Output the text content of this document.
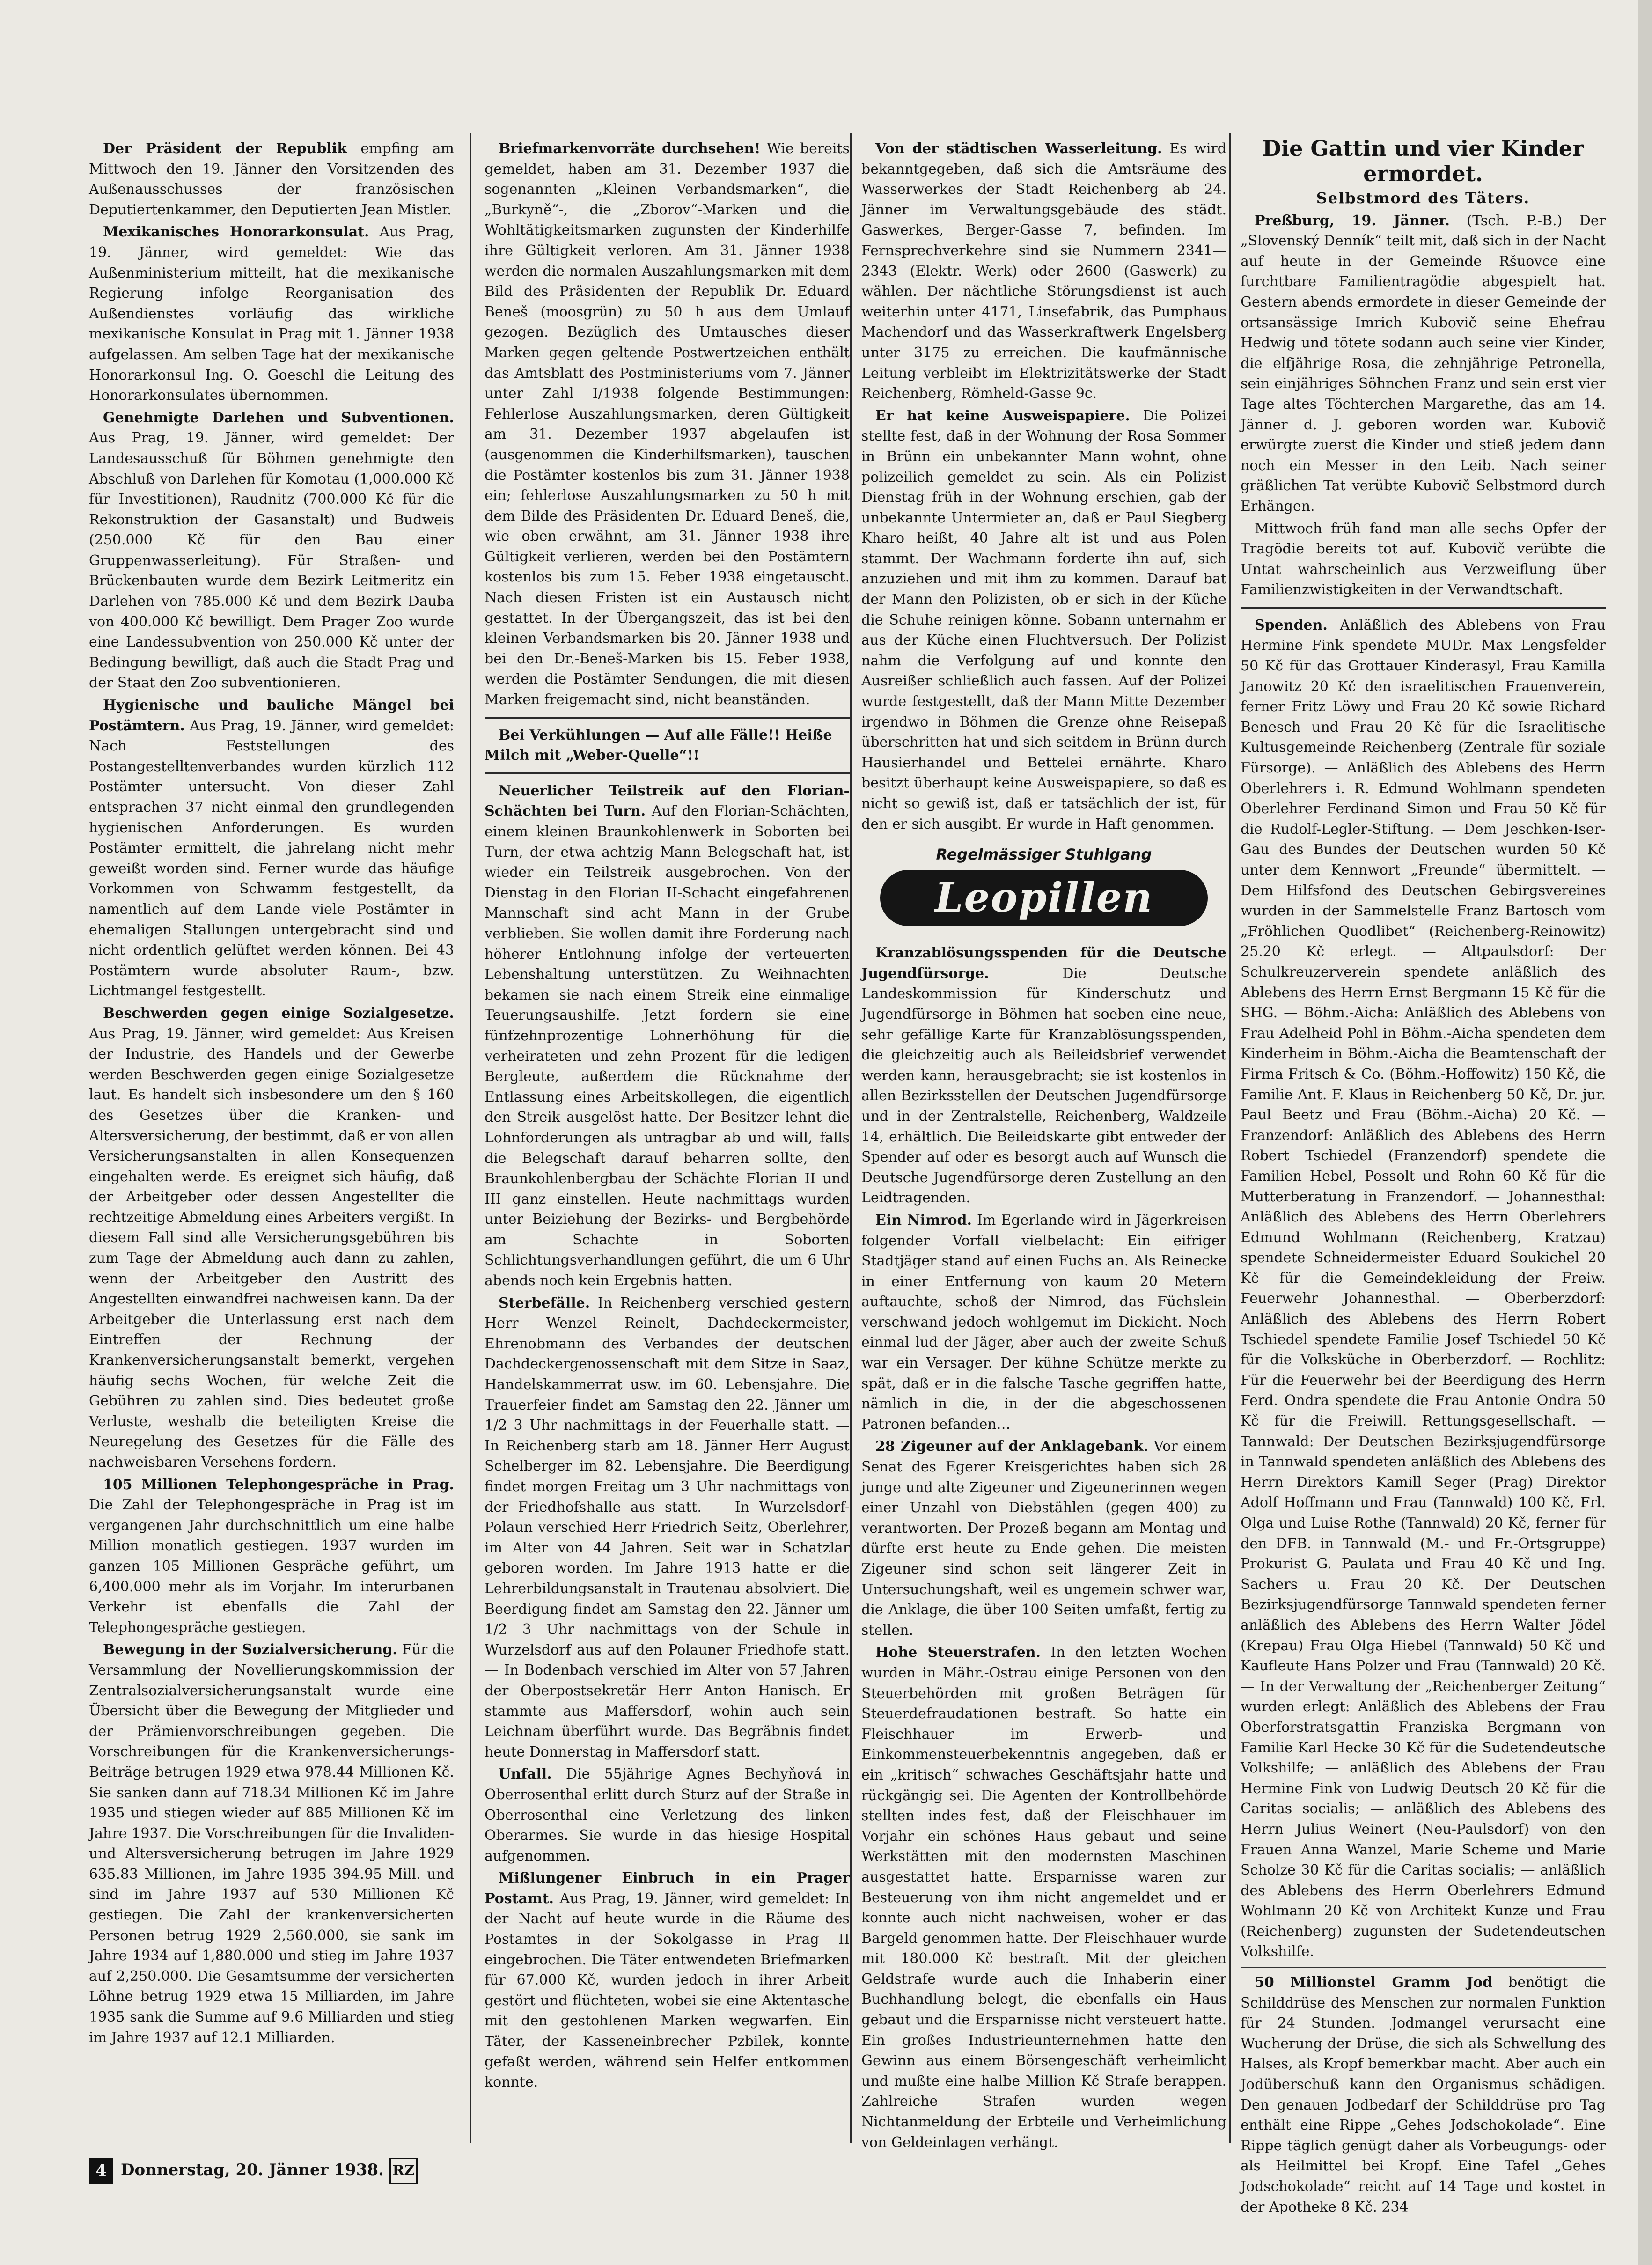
Der Präsident der Republik empfing am Mittwoch den 19. Jänner den Vorsitzenden des Außenausschusses der französischen Deputiertenkammer, den Deputierten Jean Mistler.

Mexikanisches Honorarkonsulat. Aus Prag, 19. Jänner, wird gemeldet: Wie das Außenministerium mitteilt, hat die mexikanische Regierung infolge Reorganisation des Außendienstes vorläufig das wirkliche mexikanische Konsulat in Prag mit 1. Jänner 1938 aufgelassen. Am selben Tage hat der mexikanische Honorarkonsul Ing. O. Goeschl die Leitung des Honorarkonsulates übernommen.

Genehmigte Darlehen und Subventionen. Aus Prag, 19. Jänner, wird gemeldet: Der Landesausschuß für Böhmen genehmigte den Abschluß von Darlehen für Komotau (1,000.000 Kč für Investitionen), Raudnitz (700.000 Kč für die Rekonstruktion der Gasanstalt) und Budweis (250.000 Kč für den Bau einer Gruppenwasserleitung). Für Straßen- und Brückenbauten wurde dem Bezirk Leitmeritz ein Darlehen von 785.000 Kč und dem Bezirk Dauba von 400.000 Kč bewilligt. Dem Prager Zoo wurde eine Landessubvention von 250.000 Kč unter der Bedingung bewilligt, daß auch die Stadt Prag und der Staat den Zoo subventionieren.

Hygienische und bauliche Mängel bei Postämtern. Aus Prag, 19. Jänner, wird gemeldet: Nach Feststellungen des Postangestelltenverbandes wurden kürzlich 112 Postämter untersucht. Von dieser Zahl entsprachen 37 nicht einmal den grundlegenden hygienischen Anforderungen. Es wurden Postämter ermittelt, die jahrelang nicht mehr geweißt worden sind. Ferner wurde das häufige Vorkommen von Schwamm festgestellt, da namentlich auf dem Lande viele Postämter in ehemaligen Stallungen untergebracht sind und nicht ordentlich gelüftet werden können. Bei 43 Postämtern wurde absoluter Raum-, bzw. Lichtmangel festgestellt.

Beschwerden gegen einige Sozialgesetze. Aus Prag, 19. Jänner, wird gemeldet: Aus Kreisen der Industrie, des Handels und der Gewerbe werden Beschwerden gegen einige Sozialgesetze laut. Es handelt sich insbesondere um den § 160 des Gesetzes über die Kranken- und Altersversicherung, der bestimmt, daß er von allen Versicherungsanstalten in allen Konsequenzen eingehalten werde. Es ereignet sich häufig, daß der Arbeitgeber oder dessen Angestellter die rechtzeitige Abmeldung eines Arbeiters vergißt. In diesem Fall sind alle Versicherungsgebühren bis zum Tage der Abmeldung auch dann zu zahlen, wenn der Arbeitgeber den Austritt des Angestellten einwandfrei nachweisen kann. Da der Arbeitgeber die Unterlassung erst nach dem Eintreffen der Rechnung der Krankenversicherungsanstalt bemerkt, vergehen häufig sechs Wochen, für welche Zeit die Gebühren zu zahlen sind. Dies bedeutet große Verluste, weshalb die beteiligten Kreise die Neuregelung des Gesetzes für die Fälle des nachweisbaren Versehens fordern.

105 Millionen Telephongespräche in Prag. Die Zahl der Telephongespräche in Prag ist im vergangenen Jahr durchschnittlich um eine halbe Million monatlich gestiegen. 1937 wurden im ganzen 105 Millionen Gespräche geführt, um 6,400.000 mehr als im Vorjahr. Im interurbanen Verkehr ist ebenfalls die Zahl der Telephongespräche gestiegen.

Bewegung in der Sozialversicherung. Für die Versammlung der Novellierungskommission der Zentralsozialversicherungsanstalt wurde eine Übersicht über die Bewegung der Mitglieder und der Prämienvorschreibungen gegeben. Die Vorschreibungen für die Krankenversicherungs-Beiträge betrugen 1929 etwa 978.44 Millionen Kč. Sie sanken dann auf 718.34 Millionen Kč im Jahre 1935 und stiegen wieder auf 885 Millionen Kč im Jahre 1937. Die Vorschreibungen für die Invaliden- und Altersversicherung betrugen im Jahre 1929 635.83 Millionen, im Jahre 1935 394.95 Mill. und sind im Jahre 1937 auf 530 Millionen Kč gestiegen. Die Zahl der krankenversicherten Personen betrug 1929 2,560.000, sie sank im Jahre 1934 auf 1,880.000 und stieg im Jahre 1937 auf 2,250.000. Die Gesamtsumme der versicherten Löhne betrug 1929 etwa 15 Milliarden, im Jahre 1935 sank die Summe auf 9.6 Milliarden und stieg im Jahre 1937 auf 12.1 Milliarden.

Briefmarkenvorräte durchsehen! Wie bereits gemeldet, haben am 31. Dezember 1937 die sogenannten „Kleinen Verbandsmarken“, die „Burkyně“-, die „Zborov“-Marken und die Wohltätigkeitsmarken zugunsten der Kinderhilfe ihre Gültigkeit verloren. Am 31. Jänner 1938 werden die normalen Auszahlungsmarken mit dem Bild des Präsidenten der Republik Dr. Eduard Beneš (moosgrün) zu 50 h aus dem Umlauf gezogen. Bezüglich des Umtausches dieser Marken gegen geltende Postwertzeichen enthält das Amtsblatt des Postministeriums vom 7. Jänner unter Zahl I/1938 folgende Bestimmungen: Fehlerlose Auszahlungsmarken, deren Gültigkeit am 31. Dezember 1937 abgelaufen ist (ausgenommen die Kinderhilfsmarken), tauschen die Postämter kostenlos bis zum 31. Jänner 1938 ein; fehlerlose Auszahlungsmarken zu 50 h mit dem Bilde des Präsidenten Dr. Eduard Beneš, die, wie oben erwähnt, am 31. Jänner 1938 ihre Gültigkeit verlieren, werden bei den Postämtern kostenlos bis zum 15. Feber 1938 eingetauscht. Nach diesen Fristen ist ein Austausch nicht gestattet. In der Übergangszeit, das ist bei den kleinen Verbandsmarken bis 20. Jänner 1938 und bei den Dr.-Beneš-Marken bis 15. Feber 1938, werden die Postämter Sendungen, die mit diesen Marken freigemacht sind, nicht beanständen.

Bei Verkühlungen — Auf alle Fälle!! Heiße Milch mit „Weber-Quelle“!!

Neuerlicher Teilstreik auf den Florian-Schächten bei Turn. Auf den Florian-Schächten, einem kleinen Braunkohlenwerk in Soborten bei Turn, der etwa achtzig Mann Belegschaft hat, ist wieder ein Teilstreik ausgebrochen. Von der Dienstag in den Florian II-Schacht eingefahrenen Mannschaft sind acht Mann in der Grube verblieben. Sie wollen damit ihre Forderung nach höherer Entlohnung infolge der verteuerten Lebenshaltung unterstützen. Zu Weihnachten bekamen sie nach einem Streik eine einmalige Teuerungsaushilfe. Jetzt fordern sie eine fünfzehnprozentige Lohnerhöhung für die verheirateten und zehn Prozent für die ledigen Bergleute, außerdem die Rücknahme der Entlassung eines Arbeitskollegen, die eigentlich den Streik ausgelöst hatte. Der Besitzer lehnt die Lohnforderungen als untragbar ab und will, falls die Belegschaft darauf beharren sollte, den Braunkohlenbergbau der Schächte Florian II und III ganz einstellen. Heute nachmittags wurden unter Beiziehung der Bezirks- und Bergbehörde am Schachte in Soborten Schlichtungsverhandlungen geführt, die um 6 Uhr abends noch kein Ergebnis hatten.

Sterbefälle. In Reichenberg verschied gestern Herr Wenzel Reinelt, Dachdeckermeister, Ehrenobmann des Verbandes der deutschen Dachdeckergenossenschaft mit dem Sitze in Saaz, Handelskammerrat usw. im 60. Lebensjahre. Die Trauerfeier findet am Samstag den 22. Jänner um 1/2 3 Uhr nachmittags in der Feuerhalle statt. — In Reichenberg starb am 18. Jänner Herr August Schelberger im 82. Lebensjahre. Die Beerdigung findet morgen Freitag um 3 Uhr nachmittags von der Friedhofshalle aus statt. — In Wurzelsdorf-Polaun verschied Herr Friedrich Seitz, Oberlehrer, im Alter von 44 Jahren. Seit war in Schatzlar geboren worden. Im Jahre 1913 hatte er die Lehrerbildungsanstalt in Trautenau absolviert. Die Beerdigung findet am Samstag den 22. Jänner um 1/2 3 Uhr nachmittags von der Schule in Wurzelsdorf aus auf den Polauner Friedhofe statt. — In Bodenbach verschied im Alter von 57 Jahren der Oberpostsekretär Herr Anton Hanisch. Er stammte aus Maffersdorf, wohin auch sein Leichnam überführt wurde. Das Begräbnis findet heute Donnerstag in Maffersdorf statt.

Unfall. Die 55jährige Agnes Bechyňová in Oberrosenthal erlitt durch Sturz auf der Straße in Oberrosenthal eine Verletzung des linken Oberarmes. Sie wurde in das hiesige Hospital aufgenommen.

Mißlungener Einbruch in ein Prager Postamt. Aus Prag, 19. Jänner, wird gemeldet: In der Nacht auf heute wurde in die Räume des Postamtes in der Sokolgasse in Prag II eingebrochen. Die Täter entwendeten Briefmarken für 67.000 Kč, wurden jedoch in ihrer Arbeit gestört und flüchteten, wobei sie eine Aktentasche mit den gestohlenen Marken wegwarfen. Ein Täter, der Kasseneinbrecher Pzbilek, konnte gefaßt werden, während sein Helfer entkommen konnte.

Von der städtischen Wasserleitung. Es wird bekanntgegeben, daß sich die Amtsräume des Wasserwerkes der Stadt Reichenberg ab 24. Jänner im Verwaltungsgebäude des städt. Gaswerkes, Berger-Gasse 7, befinden. Im Fernsprechverkehre sind sie Nummern 2341—2343 (Elektr. Werk) oder 2600 (Gaswerk) zu wählen. Der nächtliche Störungsdienst ist auch weiterhin unter 4171, Linsefabrik, das Pumphaus Machendorf und das Wasserkraftwerk Engelsberg unter 3175 zu erreichen. Die kaufmännische Leitung verbleibt im Elektrizitätswerke der Stadt Reichenberg, Römheld-Gasse 9c.

Er hat keine Ausweispapiere. Die Polizei stellte fest, daß in der Wohnung der Rosa Sommer in Brünn ein unbekannter Mann wohnt, ohne polizeilich gemeldet zu sein. Als ein Polizist Dienstag früh in der Wohnung erschien, gab der unbekannte Untermieter an, daß er Paul Siegberg Kharo heißt, 40 Jahre alt ist und aus Polen stammt. Der Wachmann forderte ihn auf, sich anzuziehen und mit ihm zu kommen. Darauf bat der Mann den Polizisten, ob er sich in der Küche die Schuhe reinigen könne. Sobann unternahm er aus der Küche einen Fluchtversuch. Der Polizist nahm die Verfolgung auf und konnte den Ausreißer schließlich auch fassen. Auf der Polizei wurde festgestellt, daß der Mann Mitte Dezember irgendwo in Böhmen die Grenze ohne Reisepaß überschritten hat und sich seitdem in Brünn durch Hausierhandel und Bettelei ernährte. Kharo besitzt überhaupt keine Ausweispapiere, so daß es nicht so gewiß ist, daß er tatsächlich der ist, für den er sich ausgibt. Er wurde in Haft genommen.

Regelmässiger Stuhlgang
Leopillen

Kranzablösungsspenden für die Deutsche Jugendfürsorge.	Die Deutsche Landeskommission für Kinderschutz und Jugendfürsorge in Böhmen hat soeben eine neue, sehr gefällige Karte für Kranzablösungsspenden, die gleichzeitig auch als Beileidsbrief verwendet werden kann, herausgebracht; sie ist kostenlos in allen Bezirksstellen der Deutschen Jugendfürsorge und in der Zentralstelle, Reichenberg, Waldzeile 14, erhältlich. Die Beileidskarte gibt entweder der Spender auf oder es besorgt auch auf Wunsch die Deutsche Jugendfürsorge deren Zustellung an den Leidtragenden.

Ein Nimrod. Im Egerlande wird in Jägerkreisen folgender Vorfall vielbelacht: Ein eifriger Stadtjäger stand auf einen Fuchs an. Als Reinecke in einer Entfernung von kaum 20 Metern auftauchte, schoß der Nimrod, das Füchslein verschwand jedoch wohlgemut im Dickicht. Noch einmal lud der Jäger, aber auch der zweite Schuß war ein Versager. Der kühne Schütze merkte zu spät, daß er in die falsche Tasche gegriffen hatte, nämlich in die, in der die abgeschossenen Patronen befanden…

28 Zigeuner auf der Anklagebank. Vor einem Senat des Egerer Kreisgerichtes haben sich 28 junge und alte Zigeuner und Zigeunerinnen wegen einer Unzahl von Diebstählen (gegen 400) zu verantworten. Der Prozeß begann am Montag und dürfte erst heute zu Ende gehen. Die meisten Zigeuner sind schon seit längerer Zeit in Untersuchungshaft, weil es ungemein schwer war, die Anklage, die über 100 Seiten umfaßt, fertig zu stellen.

Hohe Steuerstrafen. In den letzten Wochen wurden in Mähr.-Ostrau einige Personen von den Steuerbehörden mit großen Beträgen für Steuerdefraudationen bestraft. So hatte ein Fleischhauer im Erwerb- und Einkommensteuerbekenntnis angegeben, daß er ein „kritisch“ schwaches Geschäftsjahr hatte und rückgängig sei. Die Agenten der Kontrollbehörde stellten indes fest, daß der Fleischhauer im Vorjahr ein schönes Haus gebaut und seine Werkstätten mit den modernsten Maschinen ausgestattet hatte. Ersparnisse waren zur Besteuerung von ihm nicht angemeldet und er konnte auch nicht nachweisen, woher er das Bargeld genommen hatte. Der Fleischhauer wurde mit 180.000 Kč bestraft. Mit der gleichen Geldstrafe wurde auch die Inhaberin einer Buchhandlung belegt, die ebenfalls ein Haus gebaut und die Ersparnisse nicht versteuert hatte. Ein großes Industrieunternehmen hatte den Gewinn aus einem Börsengeschäft verheimlicht und mußte eine halbe Million Kč Strafe berappen. Zahlreiche Strafen wurden wegen Nichtanmeldung der Erbteile und Verheimlichung von Geldeinlagen verhängt.

Die Gattin und vier Kinder ermordet.

Selbstmord des Täters.

Preßburg, 19. Jänner. (Tsch. P.-B.) Der „Slovenský Denník“ teilt mit, daß sich in der Nacht auf heute in der Gemeinde Ršuovce eine furchtbare Familientragödie abgespielt hat. Gestern abends ermordete in dieser Gemeinde der ortsansässige Imrich Kubovič seine Ehefrau Hedwig und tötete sodann auch seine vier Kinder, die elfjährige Rosa, die zehnjährige Petronella, sein einjähriges Söhnchen Franz und sein erst vier Tage altes Töchterchen Margarethe, das am 14. Jänner d. J. geboren worden war. Kubovič erwürgte zuerst die Kinder und stieß jedem dann noch ein Messer in den Leib. Nach seiner gräßlichen Tat verübte Kubovič Selbstmord durch Erhängen.

Mittwoch früh fand man alle sechs Opfer der Tragödie bereits tot auf. Kubovič verübte die Untat wahrscheinlich aus Verzweiflung über Familienzwistigkeiten in der Verwandtschaft.

Spenden. Anläßlich des Ablebens von Frau Hermine Fink spendete MUDr. Max Lengsfelder 50 Kč für das Grottauer Kinderasyl, Frau Kamilla Janowitz 20 Kč den israelitischen Frauenverein, ferner Fritz Löwy und Frau 20 Kč sowie Richard Benesch und Frau 20 Kč für die Israelitische Kultusgemeinde Reichenberg (Zentrale für soziale Fürsorge). — Anläßlich des Ablebens des Herrn Oberlehrers i. R. Edmund Wohlmann spendeten Oberlehrer Ferdinand Simon und Frau 50 Kč für die Rudolf-Legler-Stiftung. — Dem Jeschken-Iser-Gau des Bundes der Deutschen wurden 50 Kč unter dem Kennwort „Freunde“ übermittelt. — Dem Hilfsfond des Deutschen Gebirgsvereines wurden in der Sammelstelle Franz Bartosch vom „Fröhlichen Quodlibet“ (Reichenberg-Reinowitz) 25.20 Kč erlegt. — Altpaulsdorf: Der Schulkreuzerverein spendete anläßlich des Ablebens des Herrn Ernst Bergmann 15 Kč für die SHG. — Böhm.-Aicha: Anläßlich des Ablebens von Frau Adelheid Pohl in Böhm.-Aicha spendeten dem Kinderheim in Böhm.-Aicha die Beamtenschaft der Firma Fritsch & Co. (Böhm.-Hoffowitz) 150 Kč, die Familie Ant. F. Klaus in Reichenberg 50 Kč, Dr. jur. Paul Beetz und Frau (Böhm.-Aicha) 20 Kč. — Franzendorf: Anläßlich des Ablebens des Herrn Robert Tschiedel (Franzendorf) spendete die Familien Hebel, Possolt und Rohn 60 Kč für die Mutterberatung in Franzendorf. — Johannesthal: Anläßlich des Ablebens des Herrn Oberlehrers Edmund Wohlmann (Reichenberg, Kratzau) spendete Schneidermeister Eduard Soukichel 20 Kč für die Gemeindekleidung der Freiw. Feuerwehr Johannesthal. — Oberberzdorf: Anläßlich des Ablebens des Herrn Robert Tschiedel spendete Familie Josef Tschiedel 50 Kč für die Volksküche in Oberberzdorf. — Rochlitz: Für die Feuerwehr bei der Beerdigung des Herrn Ferd. Ondra spendete die Frau Antonie Ondra 50 Kč für die Freiwill. Rettungsgesellschaft. — Tannwald: Der Deutschen Bezirksjugendfürsorge in Tannwald spendeten anläßlich des Ablebens des Herrn Direktors Kamill Seger (Prag) Direktor Adolf Hoffmann und Frau (Tannwald) 100 Kč, Frl. Olga und Luise Rothe (Tannwald) 20 Kč, ferner für den DFB. in Tannwald (M.- und Fr.-Ortsgruppe) Prokurist G. Paulata und Frau 40 Kč und Ing. Sachers u. Frau 20 Kč. Der Deutschen Bezirksjugendfürsorge Tannwald spendeten ferner anläßlich des Ablebens des Herrn Walter Jödel (Krepau) Frau Olga Hiebel (Tannwald) 50 Kč und Kaufleute Hans Polzer und Frau (Tannwald) 20 Kč. — In der Verwaltung der „Reichenberger Zeitung“ wurden erlegt: Anläßlich des Ablebens der Frau Oberforstratsgattin Franziska Bergmann von Familie Karl Hecke 30 Kč für die Sudetendeutsche Volkshilfe; — anläßlich des Ablebens der Frau Hermine Fink von Ludwig Deutsch 20 Kč für die Caritas socialis; — anläßlich des Ablebens des Herrn Julius Weinert (Neu-Paulsdorf) von den Frauen Anna Wanzel, Marie Scheme und Marie Scholze 30 Kč für die Caritas socialis; — anläßlich des Ablebens des Herrn Oberlehrers Edmund Wohlmann 20 Kč von Architekt Kunze und Frau (Reichenberg) zugunsten der Sudetendeutschen Volkshilfe.

50 Millionstel Gramm Jod benötigt die Schilddrüse des Menschen zur normalen Funktion für 24 Stunden. Jodmangel verursacht eine Wucherung der Drüse, die sich als Schwellung des Halses, als Kropf bemerkbar macht. Aber auch ein Jodüberschuß kann den Organismus schädigen. Den genauen Jodbedarf der Schilddrüse pro Tag enthält eine Rippe „Gehes Jodschokolade“. Eine Rippe täglich genügt daher als Vorbeugungs- oder als Heilmittel bei Kropf. Eine Tafel „Gehes Jodschokolade“ reicht auf 14 Tage und kostet in der Apotheke 8 Kč. 234

4 Donnerstag, 20. Jänner 1938. RZ
